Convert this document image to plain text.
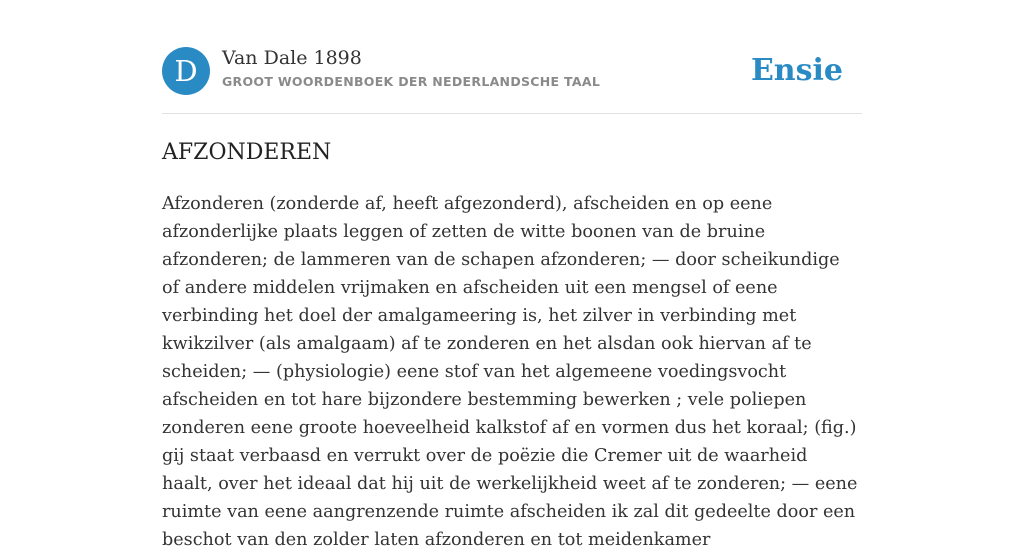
D	Van Dale 1898
GROOT WOORDENBOEK DER NEDERLANDSCHE TAAL	Ensie
AFZONDEREN

Afzonderen (zonderde af, heeft afgezonderd), afscheiden en op eene afzonderlijke plaats leggen of zetten de witte boonen van de bruine afzonderen; de lammeren van de schapen afzonderen; — door scheikundige of andere middelen vrijmaken en afscheiden uit een mengsel of eene verbinding het doel der amalgameering is, het zilver in verbinding met kwikzilver (als amalgaam) af te zonderen en het alsdan ook hiervan af te scheiden; — (physiologie) eene stof van het algemeene voedingsvocht afscheiden en tot hare bijzondere bestemming bewerken ; vele poliepen zonderen eene groote hoeveelheid kalkstof af en vormen dus het koraal; (fig.) gij staat verbaasd en verrukt over de poëzie die Cremer uit de waarheid haalt, over het ideaal dat hij uit de werkelijkheid weet af te zonderen; — eene ruimte van eene aangrenzende ruimte afscheiden ik zal dit gedeelte door een beschot van den zolder laten afzonderen en tot meidenkamer
